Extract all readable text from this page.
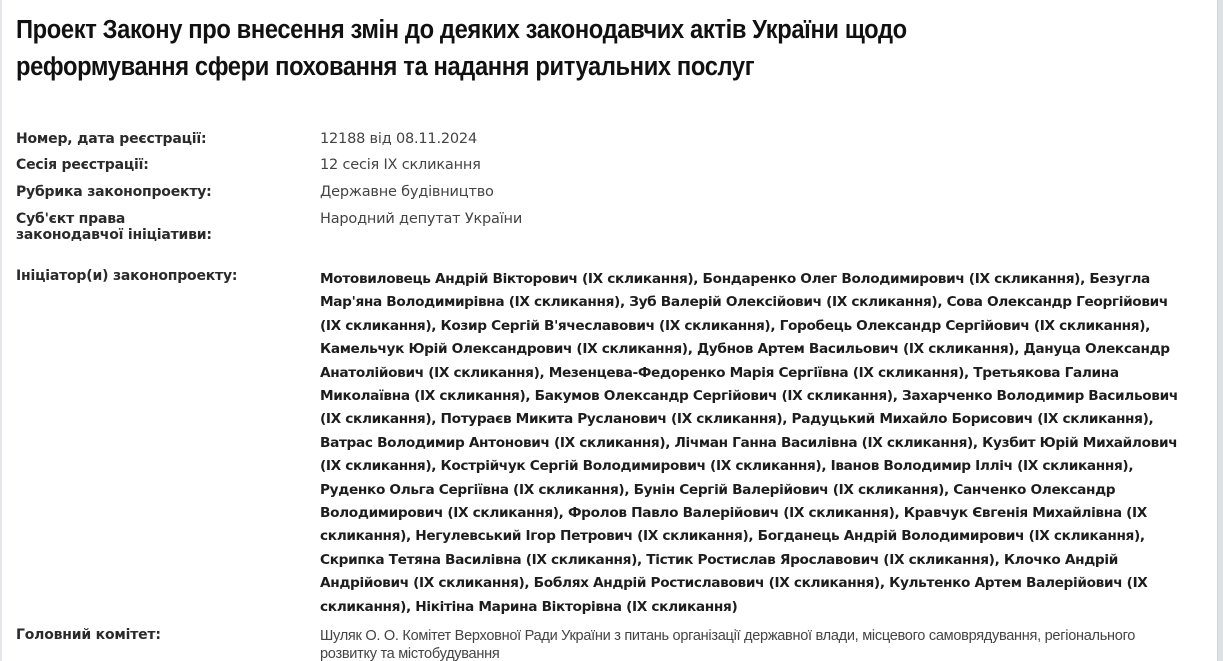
Проект Закону про внесення змін до деяких законодавчих актів України щодо реформування сфери поховання та надання ритуальних послуг
Номер, дата реєстрації:	12188 від 08.11.2024
Сесія реєстрації:	12 сесія IX скликання
Рубрика законопроекту:	Державне будівництво
Суб'єкт права законодавчої ініціативи:
Народний депутат України
Ініціатор(и) законопроекту:	Мотовиловець Андрій Вікторович (IX скликання), Бондаренко Олег Володимирович (IX скликання), Безугла Мар'яна Володимирівна (IX скликання), Зуб Валерій Олексійович (IX скликання), Сова Олександр Георгійович (IX скликання), Козир Сергій В'ячеславович (IX скликання), Горобець Олександр Сергійович (IX скликання), Камельчук Юрій Олександрович (IX скликання), Дубнов Артем Васильович (IX скликання), Дануца Олександр Анатолійович (IX скликання), Мезенцева-Федоренко Марія Сергіївна (IX скликання), Третьякова Галина Миколаївна (IX скликання), Бакумов Олександр Сергійович (IX скликання), Захарченко Володимир Васильович (IX скликання), Потураєв Микита Русланович (IX скликання), Радуцький Михайло Борисович (IX скликання), Ватрас Володимир Антонович (IX скликання), Лічман Ганна Василівна (IX скликання), Кузбит Юрій Михайлович (IX скликання), Кострійчук Сергій Володимирович (IX скликання), Іванов Володимир Ілліч (IX скликання), Руденко Ольга Сергіївна (IX скликання), Бунін Сергій Валерійович (IX скликання), Санченко Олександр Володимирович (IX скликання), Фролов Павло Валерійович (IX скликання), Кравчук Євгенія Михайлівна (IX скликання), Негулевський Ігор Петрович (IX скликання), Богданець Андрій Володимирович (IX скликання), Скрипка Тетяна Василівна (IX скликання), Тістик Ростислав Ярославович (IX скликання), Клочко Андрій Андрійович (IX скликання), Боблях Андрій Ростиславович (IX скликання), Культенко Артем Валерійович (IX скликання), Нікітіна Марина Вікторівна (IX скликання)
Головний комітет:	Шуляк О. О. Комітет Верховної Ради України з питань організації державної влади, місцевого самоврядування, регіонального розвитку та містобудування
